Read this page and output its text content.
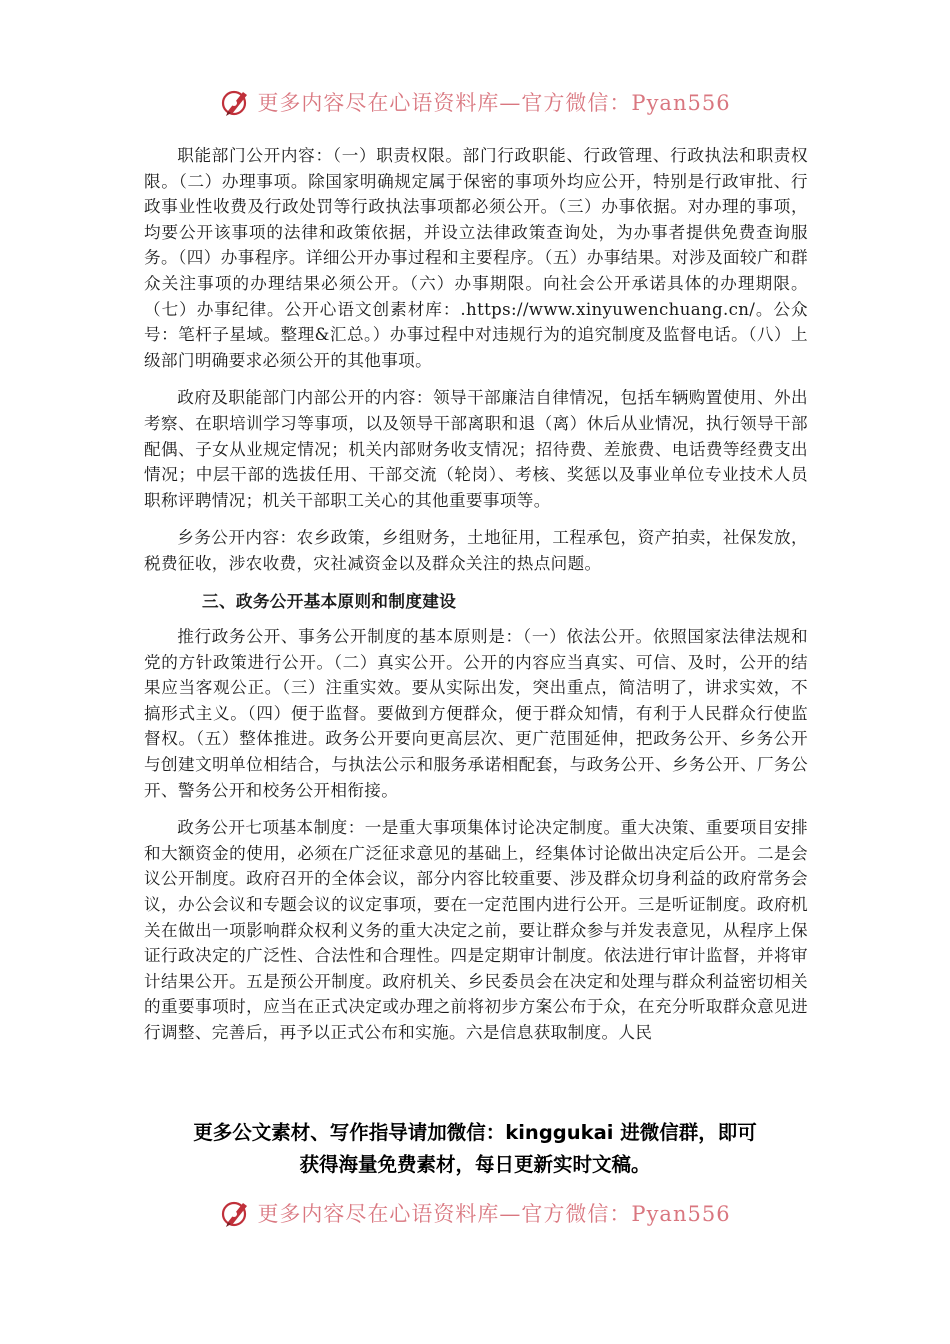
更多内容尽在心语资料库—官方微信：Pyan556

职能部门公开内容：（一）职责权限。部门行政职能、行政管理、行政执法和职责权限。（二）办理事项。除国家明确规定属于保密的事项外均应公开，特别是行政审批、行政事业性收费及行政处罚等行政执法事项都必须公开。（三）办事依据。对办理的事项，均要公开该事项的法律和政策依据，并设立法律政策查询处，为办事者提供免费查询服务。（四）办事程序。详细公开办事过程和主要程序。（五）办事结果。对涉及面较广和群众关注事项的办理结果必须公开。（六）办事期限。向社会公开承诺具体的办理期限。（七）办事纪律。公开心语文创素材库：.https://www.xinyuwenchuang.cn/。公众号：笔杆子星域。整理&汇总。）办事过程中对违规行为的追究制度及监督电话。（八）上级部门明确要求必须公开的其他事项。

政府及职能部门内部公开的内容：领导干部廉洁自律情况，包括车辆购置使用、外出考察、在职培训学习等事项，以及领导干部离职和退（离）休后从业情况，执行领导干部配偶、子女从业规定情况；机关内部财务收支情况；招待费、差旅费、电话费等经费支出情况；中层干部的选拔任用、干部交流（轮岗）、考核、奖惩以及事业单位专业技术人员职称评聘情况；机关干部职工关心的其他重要事项等。

乡务公开内容：农乡政策，乡组财务，土地征用，工程承包，资产拍卖，社保发放，税费征收，涉农收费，灾社减资金以及群众关注的热点问题。

三、政务公开基本原则和制度建设

推行政务公开、事务公开制度的基本原则是：（一）依法公开。依照国家法律法规和党的方针政策进行公开。（二）真实公开。公开的内容应当真实、可信、及时，公开的结果应当客观公正。（三）注重实效。要从实际出发，突出重点，简洁明了，讲求实效，不搞形式主义。（四）便于监督。要做到方便群众，便于群众知情，有利于人民群众行使监督权。（五）整体推进。政务公开要向更高层次、更广范围延伸，把政务公开、乡务公开与创建文明单位相结合，与执法公示和服务承诺相配套，与政务公开、乡务公开、厂务公开、警务公开和校务公开相衔接。

政务公开七项基本制度：一是重大事项集体讨论决定制度。重大决策、重要项目安排和大额资金的使用，必须在广泛征求意见的基础上，经集体讨论做出决定后公开。二是会议公开制度。政府召开的全体会议，部分内容比较重要、涉及群众切身利益的政府常务会议，办公会议和专题会议的议定事项，要在一定范围内进行公开。三是听证制度。政府机关在做出一项影响群众权利义务的重大决定之前，要让群众参与并发表意见，从程序上保证行政决定的广泛性、合法性和合理性。四是定期审计制度。依法进行审计监督，并将审计结果公开。五是预公开制度。政府机关、乡民委员会在决定和处理与群众利益密切相关的重要事项时，应当在正式决定或办理之前将初步方案公布于众，在充分听取群众意见进行调整、完善后，再予以正式公布和实施。六是信息获取制度。人民

更多公文素材、写作指导请加微信：kinggukai 进微信群，即可
获得海量免费素材，每日更新实时文稿。
更多内容尽在心语资料库—官方微信：Pyan556
